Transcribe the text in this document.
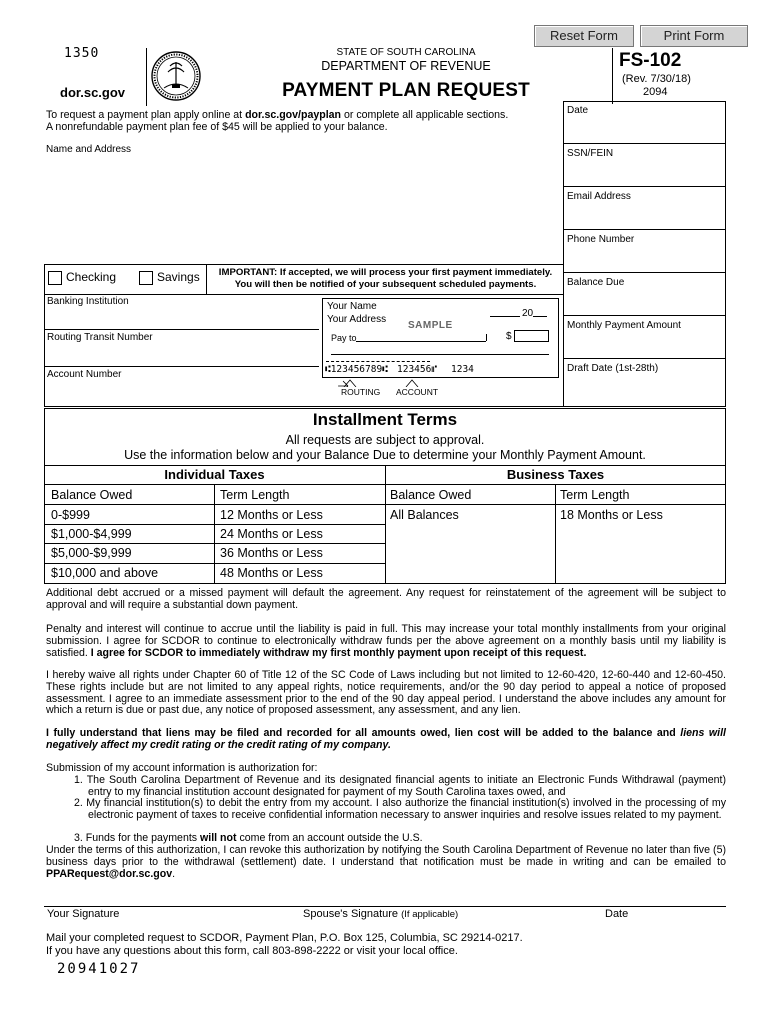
Reset Form	Print Form
1350
dor.sc.gov
STATE OF SOUTH CAROLINA
DEPARTMENT OF REVENUE
PAYMENT PLAN REQUEST
FS-102
(Rev. 7/30/18)
2094
To request a payment plan apply online at dor.sc.gov/payplan or complete all applicable sections.
A nonrefundable payment plan fee of $45 will be applied to your balance.
Date
SSN/FEIN
Email Address
Phone Number
Balance Due
Monthly Payment Amount
Draft Date (1st-28th)
Name and Address
Checking	Savings	IMPORTANT: If accepted, we will process your first payment immediately.
You will then be notified of your subsequent scheduled payments.
Banking Institution
Routing Transit Number
Account Number
Your Name
20
Your Address
SAMPLE
Pay to	$
⑆123456789⑆ 123456⑈ 1234
ROUTING ACCOUNT
Installment Terms
All requests are subject to approval.
Use the information below and your Balance Due to determine your Monthly Payment Amount.
Individual Taxes	Business Taxes
Balance Owed	Term Length	Balance Owed	Term Length
0-$999	12 Months or Less	All Balances	18 Months or Less
$1,000-$4,999	24 Months or Less
$5,000-$9,999	36 Months or Less
$10,000 and above	48 Months or Less
Additional debt accrued or a missed payment will default the agreement. Any request for reinstatement of the agreement will be subject to approval and will require a substantial down payment.
Penalty and interest will continue to accrue until the liability is paid in full. This may increase your total monthly installments from your original submission. I agree for SCDOR to continue to electronically withdraw funds per the above agreement on a monthly basis until my liability is satisfied. I agree for SCDOR to immediately withdraw my first monthly payment upon receipt of this request.
I hereby waive all rights under Chapter 60 of Title 12 of the SC Code of Laws including but not limited to 12-60-420, 12-60-440 and 12-60-450. These rights include but are not limited to any appeal rights, notice requirements, and/or the 90 day period to appeal a notice of proposed assessment. I agree to an immediate assessment prior to the end of the 90 day appeal period. I understand the above includes any amount for which a return is due or past due, any notice of proposed assessment, any assessment, and any lien.
I fully understand that liens may be filed and recorded for all amounts owed, lien cost will be added to the balance and liens will negatively affect my credit rating or the credit rating of my company.
Submission of my account information is authorization for:
1. The South Carolina Department of Revenue and its designated financial agents to initiate an Electronic Funds Withdrawal (payment) entry to my financial institution account designated for payment of my South Carolina taxes owed, and
2. My financial institution(s) to debit the entry from my account. I also authorize the financial institution(s) involved in the processing of my electronic payment of taxes to receive confidential information necessary to answer inquiries and resolve issues related to my payment.
3. Funds for the payments will not come from an account outside the U.S.
Under the terms of this authorization, I can revoke this authorization by notifying the South Carolina Department of Revenue no later than five (5) business days prior to the withdrawal (settlement) date. I understand that notification must be made in writing and can be emailed to PPARequest@dor.sc.gov.
Your Signature	Spouse's Signature (If applicable)	Date
Mail your completed request to SCDOR, Payment Plan, P.O. Box 125, Columbia, SC 29214-0217.
If you have any questions about this form, call 803-898-2222 or visit your local office.
20941027
